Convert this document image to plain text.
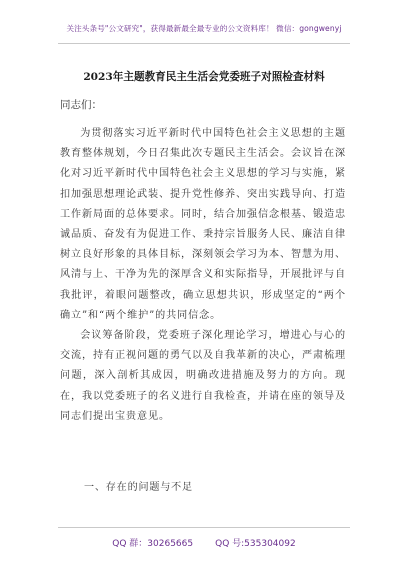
关注头条号"公文研究"，获得最新最全最专业的公文资料库！ 微信：gongwenyj
2023年主题教育民主生活会党委班子对照检查材料
同志们：

为贯彻落实习近平新时代中国特色社会主义思想的主题教育整体规划，今日召集此次专题民主生活会。会议旨在深化对习近平新时代中国特色社会主义思想的学习与实施，紧扣加强思想理论武装、提升党性修养、突出实践导向、打造工作新局面的总体要求。同时，结合加强信念根基、锻造忠诚品质、奋发有为促进工作、秉持宗旨服务人民、廉洁自律树立良好形象的具体目标，深刻领会学习为本、智慧为用、风清与上、干净为先的深厚含义和实际指导，开展批评与自我批评，着眼问题整改，确立思想共识，形成坚定的“两个确立”和“两个维护”的共同信念。

会议筹备阶段，党委班子深化理论学习，增进心与心的交流，持有正视问题的勇气以及自我革新的决心，严肃梳理问题，深入剖析其成因，明确改进措施及努力的方向。现在，我以党委班子的名义进行自我检查，并请在座的领导及同志们提出宝贵意见。

一、存在的问题与不足
QQ 群：30265665 QQ 号:535304092
